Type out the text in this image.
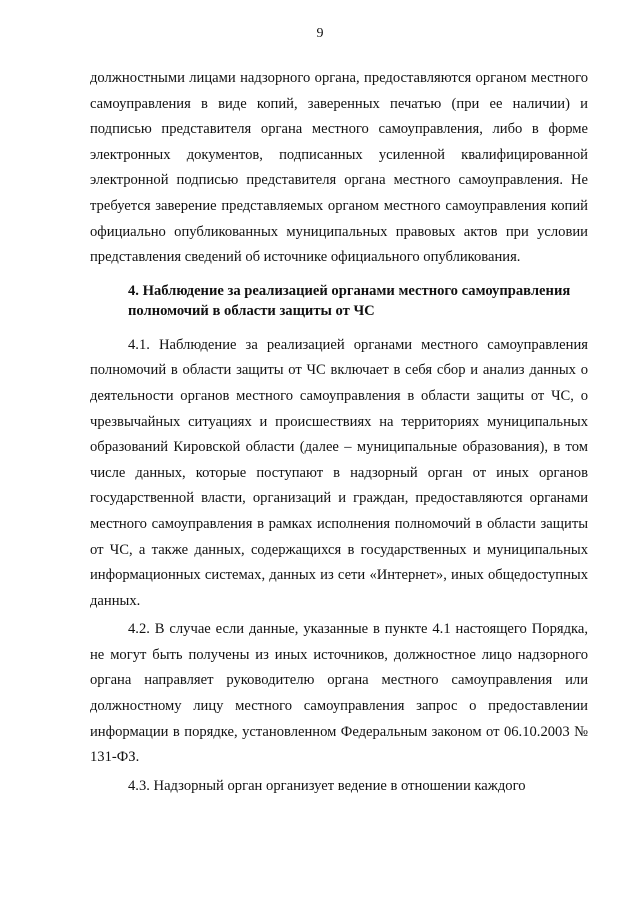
9

должностными лицами надзорного органа, предоставляются органом местного самоуправления в виде копий, заверенных печатью (при ее наличии) и подписью представителя органа местного самоуправления, либо в форме электронных документов, подписанных усиленной квалифицированной электронной подписью представителя органа местного самоуправления. Не требуется заверение представляемых органом местного самоуправления копий официально опубликованных муниципальных правовых актов при условии представления сведений об источнике официального опубликования.

4. Наблюдение за реализацией органами местного самоуправления
полномочий в области защиты от ЧС

4.1. Наблюдение за реализацией органами местного самоуправления полномочий в области защиты от ЧС включает в себя сбор и анализ данных о деятельности органов местного самоуправления в области защиты от ЧС, о чрезвычайных ситуациях и происшествиях на территориях муниципальных образований Кировской области (далее – муниципальные образования), в том числе данных, которые поступают в надзорный орган от иных органов государственной власти, организаций и граждан, предоставляются органами местного самоуправления в рамках исполнения полномочий в области защиты от ЧС, а также данных, содержащихся в государственных и муниципальных информационных системах, данных из сети «Интернет», иных общедоступных данных.

4.2. В случае если данные, указанные в пункте 4.1 настоящего Порядка, не могут быть получены из иных источников, должностное лицо надзорного органа направляет руководителю органа местного самоуправления или должностному лицу местного самоуправления запрос о предоставлении информации в порядке, установленном Федеральным законом от 06.10.2003 № 131-ФЗ.

4.3. Надзорный орган организует ведение в отношении каждого
